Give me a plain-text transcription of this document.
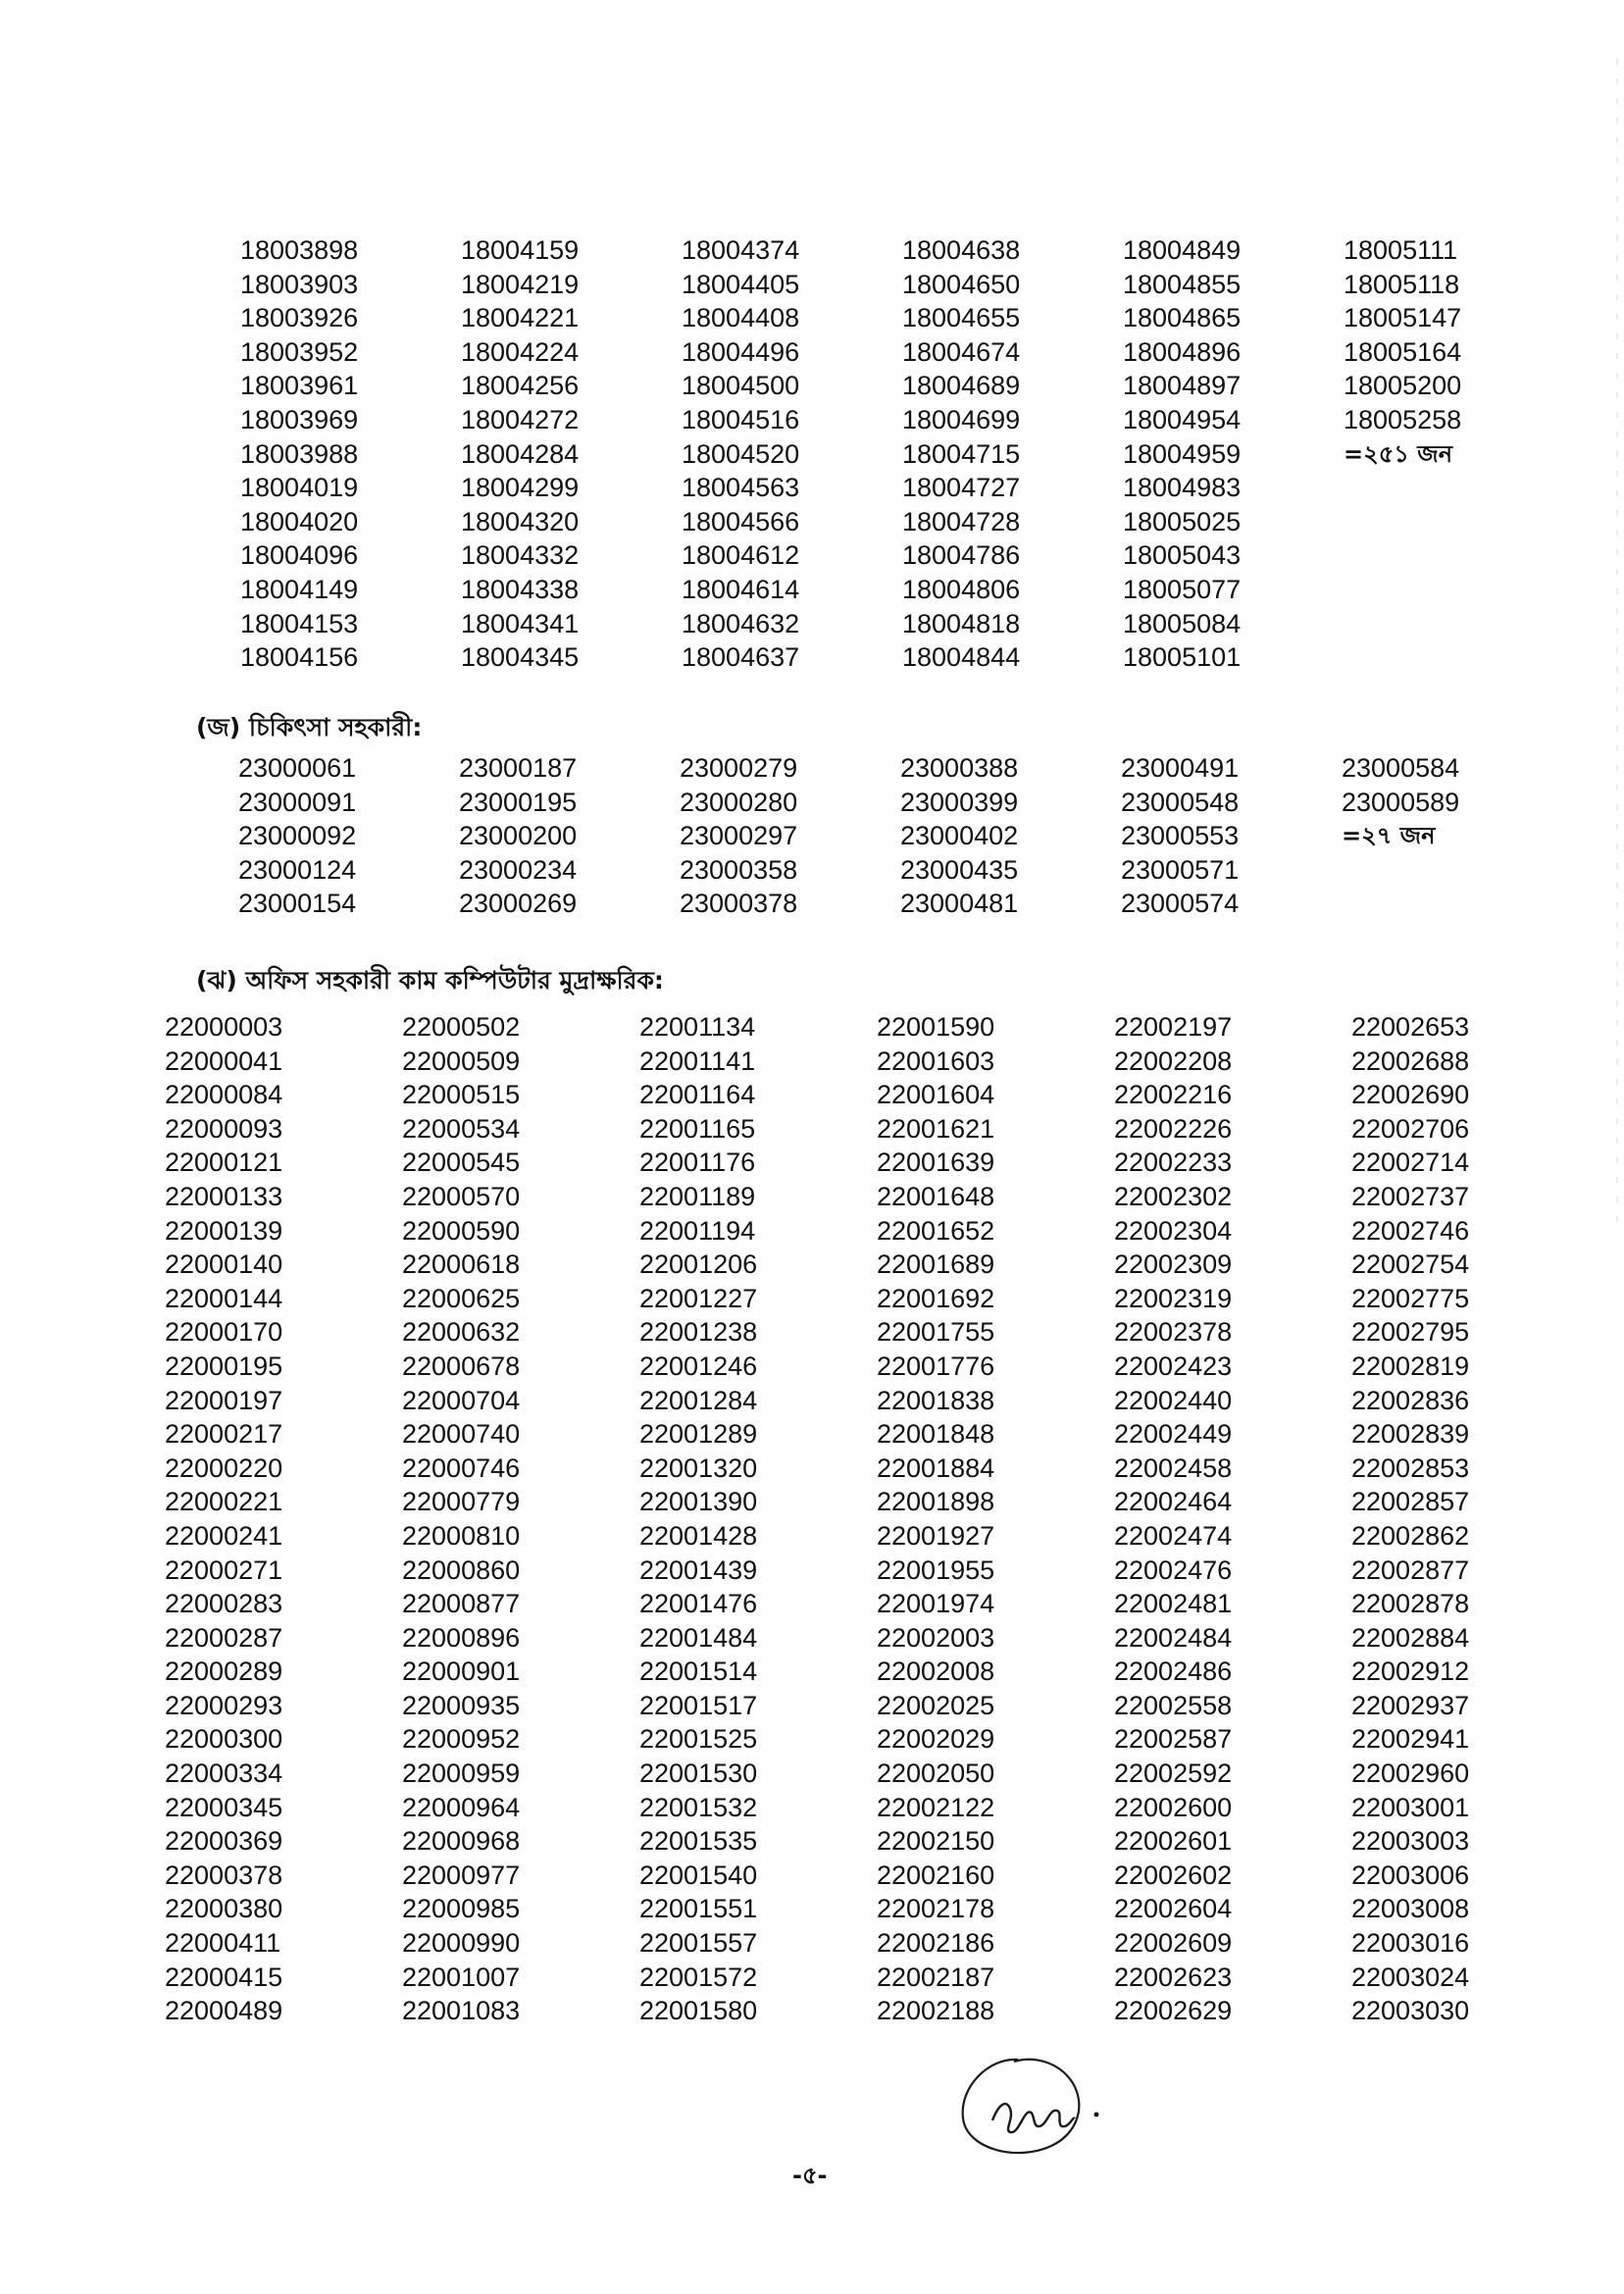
18003898
18003903
18003926
18003952
18003961
18003969
18003988
18004019
18004020
18004096
18004149
18004153
18004156
18004159
18004219
18004221
18004224
18004256
18004272
18004284
18004299
18004320
18004332
18004338
18004341
18004345
18004374
18004405
18004408
18004496
18004500
18004516
18004520
18004563
18004566
18004612
18004614
18004632
18004637
18004638
18004650
18004655
18004674
18004689
18004699
18004715
18004727
18004728
18004786
18004806
18004818
18004844
18004849
18004855
18004865
18004896
18004897
18004954
18004959
18004983
18005025
18005043
18005077
18005084
18005101
18005111
18005118
18005147
18005164
18005200
18005258
=২৫১ জন
(জ) চিকিৎসা সহকারী:
23000061
23000091
23000092
23000124
23000154
23000187
23000195
23000200
23000234
23000269
23000279
23000280
23000297
23000358
23000378
23000388
23000399
23000402
23000435
23000481
23000491
23000548
23000553
23000571
23000574
23000584
23000589
=২৭ জন
(ঝ) অফিস সহকারী কাম কম্পিউটার মুদ্রাক্ষরিক:
22000003
22000041
22000084
22000093
22000121
22000133
22000139
22000140
22000144
22000170
22000195
22000197
22000217
22000220
22000221
22000241
22000271
22000283
22000287
22000289
22000293
22000300
22000334
22000345
22000369
22000378
22000380
22000411
22000415
22000489
22000502
22000509
22000515
22000534
22000545
22000570
22000590
22000618
22000625
22000632
22000678
22000704
22000740
22000746
22000779
22000810
22000860
22000877
22000896
22000901
22000935
22000952
22000959
22000964
22000968
22000977
22000985
22000990
22001007
22001083
22001134
22001141
22001164
22001165
22001176
22001189
22001194
22001206
22001227
22001238
22001246
22001284
22001289
22001320
22001390
22001428
22001439
22001476
22001484
22001514
22001517
22001525
22001530
22001532
22001535
22001540
22001551
22001557
22001572
22001580
22001590
22001603
22001604
22001621
22001639
22001648
22001652
22001689
22001692
22001755
22001776
22001838
22001848
22001884
22001898
22001927
22001955
22001974
22002003
22002008
22002025
22002029
22002050
22002122
22002150
22002160
22002178
22002186
22002187
22002188
22002197
22002208
22002216
22002226
22002233
22002302
22002304
22002309
22002319
22002378
22002423
22002440
22002449
22002458
22002464
22002474
22002476
22002481
22002484
22002486
22002558
22002587
22002592
22002600
22002601
22002602
22002604
22002609
22002623
22002629
22002653
22002688
22002690
22002706
22002714
22002737
22002746
22002754
22002775
22002795
22002819
22002836
22002839
22002853
22002857
22002862
22002877
22002878
22002884
22002912
22002937
22002941
22002960
22003001
22003003
22003006
22003008
22003016
22003024
22003030
-৫-
